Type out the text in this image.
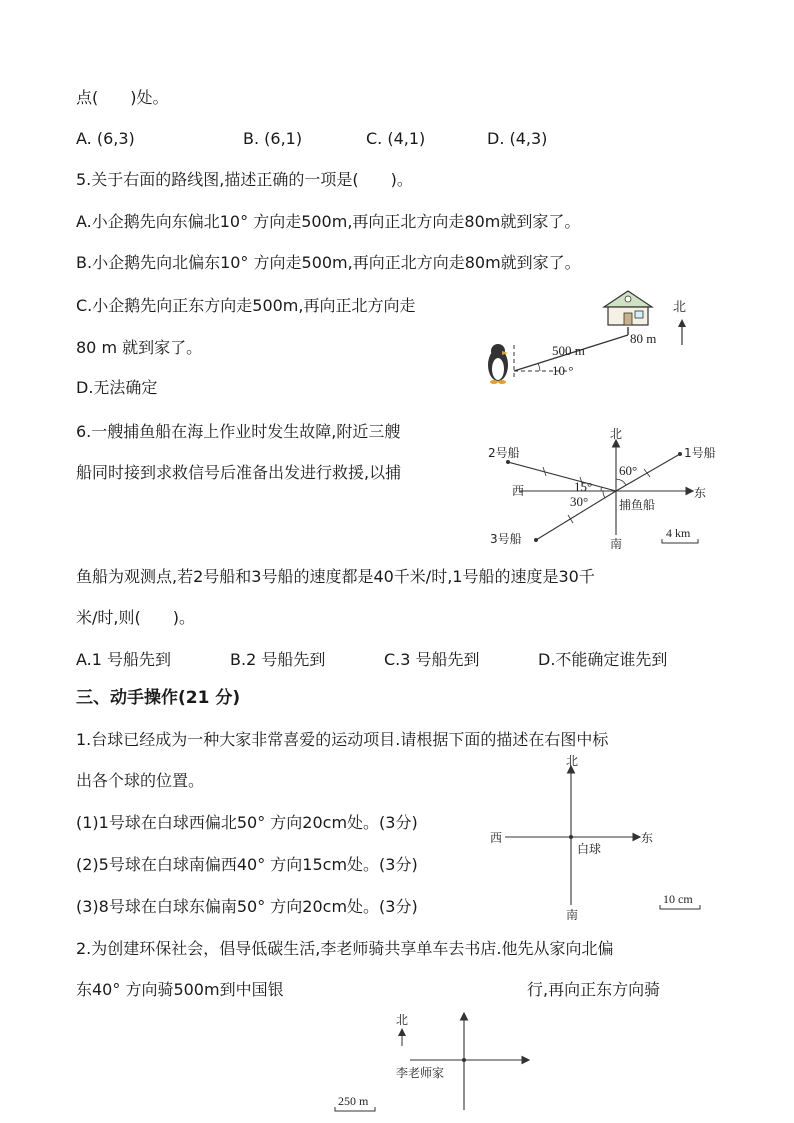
点(　　)处。
A. (6,3)	B. (6,1)	C. (4,1)	D. (4,3)
5.关于右面的路线图,描述正确的一项是(　　)。
A.小企鹅先向东偏北10° 方向走500m,再向正北方向走80m就到家了。
B.小企鹅先向北偏东10° 方向走500m,再向正北方向走80m就到家了。
C.小企鹅先向正东方向走500m,再向正北方向走
80 m 就到家了。
D.无法确定
500 m
80 m
10 °
北
6.一艘捕鱼船在海上作业时发生故障,附近三艘
船同时接到求救信号后准备出发进行救援,以捕
鱼船为观测点,若2号船和3号船的速度都是40千米/时,1号船的速度是30千
米/时,则(　　)。
A.1 号船先到	B.2 号船先到	C.3 号船先到	D.不能确定谁先到
15°
30°
60°
北
南
东
西
1号船
2号船
3号船
捕鱼船
4 km
三、动手操作(21 分)
1.台球已经成为一种大家非常喜爱的运动项目.请根据下面的描述在右图中标
出各个球的位置。
(1)1号球在白球西偏北50° 方向20cm处。(3分)
(2)5号球在白球南偏西40° 方向15cm处。(3分)
(3)8号球在白球东偏南50° 方向20cm处。(3分)
北
南
东
西
白球
10 cm
2.为创建环保社会，倡导低碳生活,李老师骑共享单车去书店.他先从家向北偏
东40° 方向骑500m到中国银	行,再向正东方向骑
北
李老师家
250 m
